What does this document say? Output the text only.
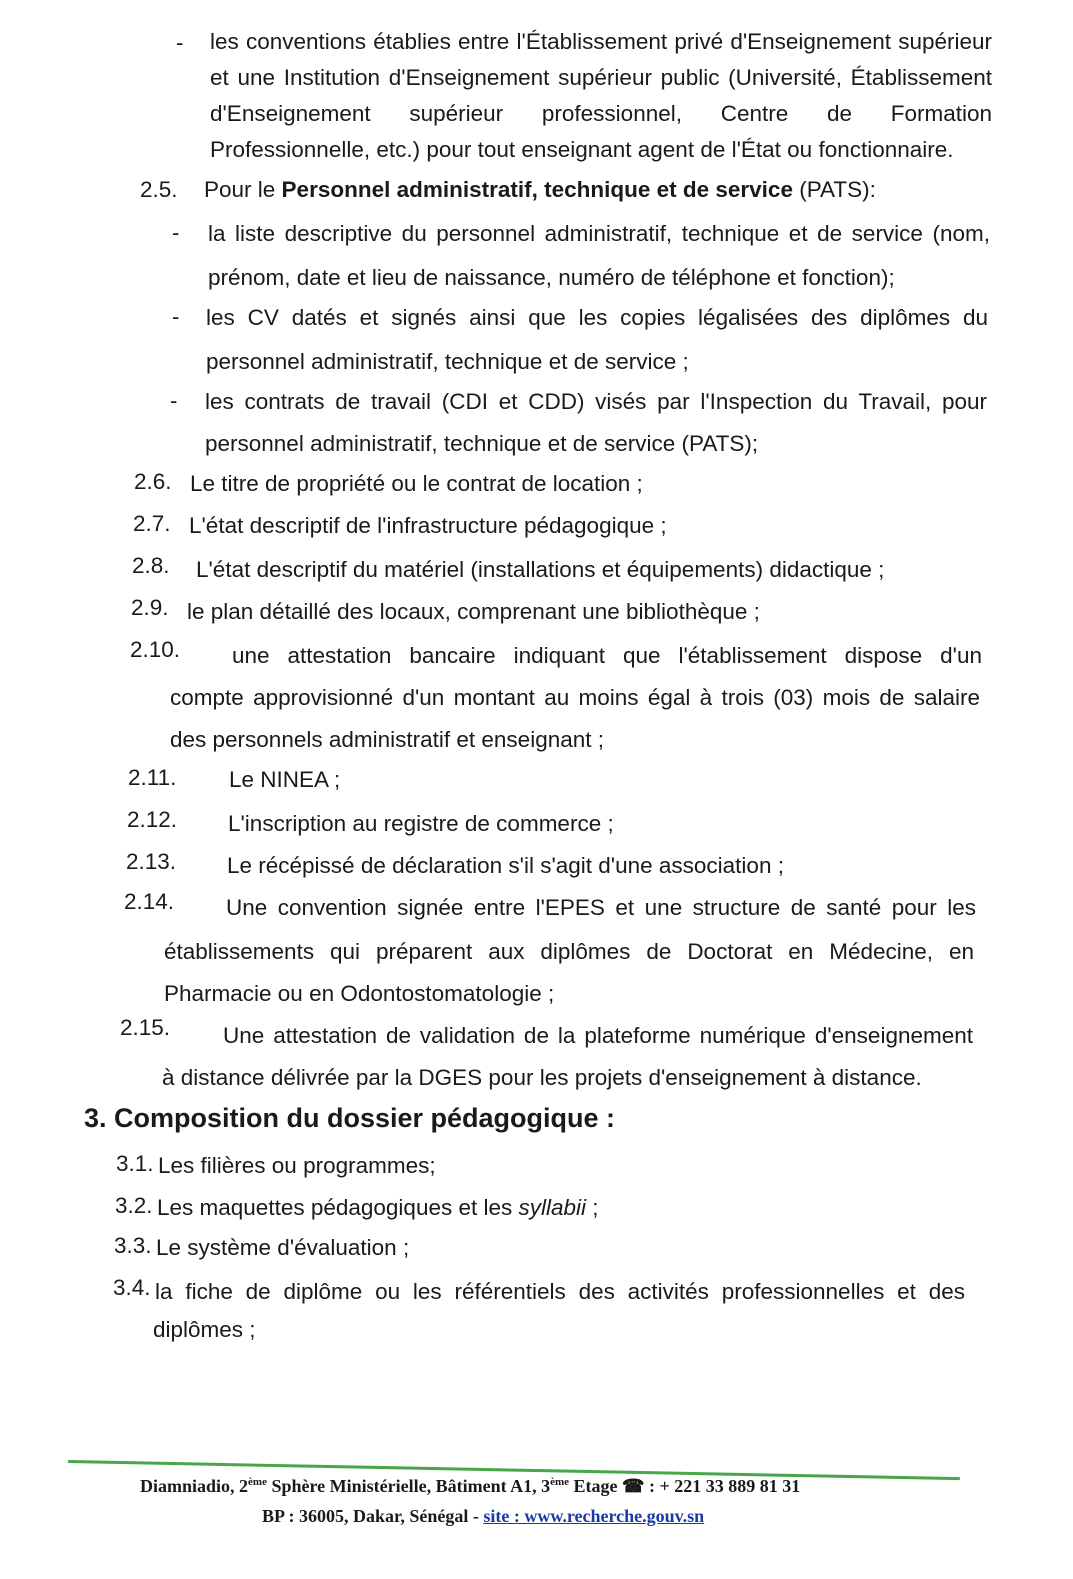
- les conventions établies entre l'Établissement privé d'Enseignement supérieur
et une Institution d'Enseignement supérieur public (Université, Établissement
d'Enseignement supérieur professionnel, Centre de Formation
Professionnelle, etc.) pour tout enseignant agent de l'État ou fonctionnaire.
2.5. Pour le Personnel administratif, technique et de service (PATS):
- la liste descriptive du personnel administratif, technique et de service (nom,
prénom, date et lieu de naissance, numéro de téléphone et fonction);
- les CV datés et signés ainsi que les copies légalisées des diplômes du
personnel administratif, technique et de service ;
- les contrats de travail (CDI et CDD) visés par l'Inspection du Travail, pour
personnel administratif, technique et de service (PATS);
2.6. Le titre de propriété ou le contrat de location ;
2.7. L'état descriptif de l'infrastructure pédagogique ;
2.8. L'état descriptif du matériel (installations et équipements) didactique ;
2.9. le plan détaillé des locaux, comprenant une bibliothèque ;
2.10. une attestation bancaire indiquant que l'établissement dispose d'un
compte approvisionné d'un montant au moins égal à trois (03) mois de salaire
des personnels administratif et enseignant ;
2.11. Le NINEA ;
2.12. L'inscription au registre de commerce ;
2.13. Le récépissé de déclaration s'il s'agit d'une association ;
2.14. Une convention signée entre l'EPES et une structure de santé pour les
établissements qui préparent aux diplômes de Doctorat en Médecine, en
Pharmacie ou en Odontostomatologie ;
2.15. Une attestation de validation de la plateforme numérique d'enseignement
à distance délivrée par la DGES pour les projets d'enseignement à distance.
3. Composition du dossier pédagogique :
3.1. Les filières ou programmes;
3.2. Les maquettes pédagogiques et les syllabii ;
3.3. Le système d'évaluation ;
3.4. la fiche de diplôme ou les référentiels des activités professionnelles et des
diplômes ;
Diamniadio, 2ème Sphère Ministérielle, Bâtiment A1, 3ème Etage ☎ : + 221 33 889 81 31
BP : 36005, Dakar, Sénégal - site : www.recherche.gouv.sn
